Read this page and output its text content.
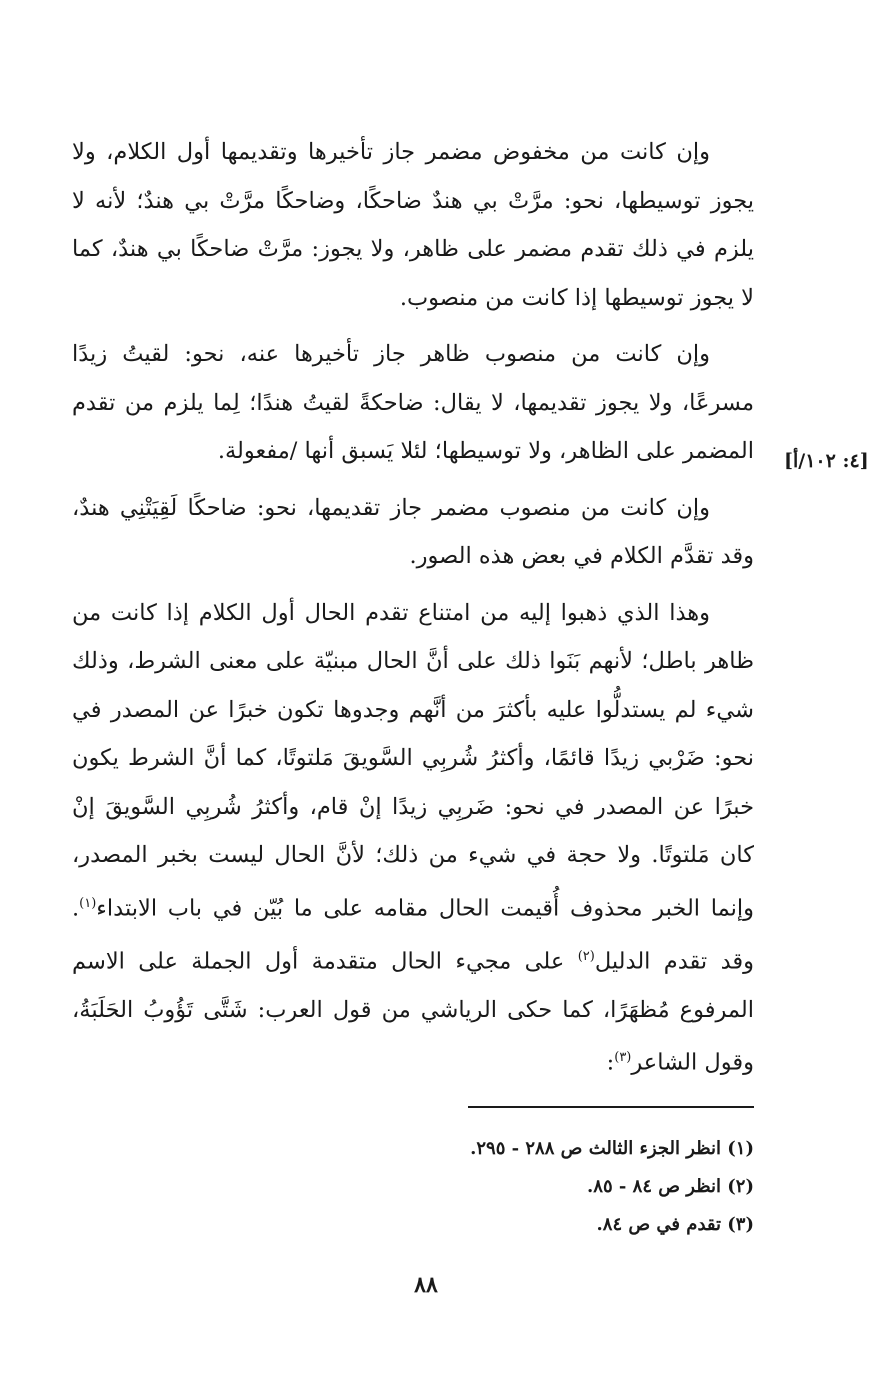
وإن كانت من مخفوض مضمر جاز تأخيرها وتقديمها أول الكلام، ولا يجوز توسيطها، نحو: مرَّتْ بي هندٌ ضاحكًا، وضاحكًا مرَّتْ بي هندٌ؛ لأنه لا يلزم في ذلك تقدم مضمر على ظاهر، ولا يجوز: مرَّتْ ضاحكًا بي هندٌ، كما لا يجوز توسيطها إذا كانت من منصوب.

وإن كانت من منصوب ظاهر جاز تأخيرها عنه، نحو: لقيتُ زيدًا مسرعًا، ولا يجوز تقديمها، لا يقال: ضاحكةً لقيتُ هندًا؛ لِما يلزم من تقدم المضمر على الظاهر، ولا توسيطها؛ لئلا يَسبق أنها /مفعولة.

وإن كانت من منصوب مضمر جاز تقديمها، نحو: ضاحكًا لَقِيَتْنِي هندٌ، وقد تقدَّم الكلام في بعض هذه الصور.

وهذا الذي ذهبوا إليه من امتناع تقدم الحال أول الكلام إذا كانت من ظاهر باطل؛ لأنهم بَنَوا ذلك على أنَّ الحال مبنيّة على معنى الشرط، وذلك شيء لم يستدلُّوا عليه بأكثرَ من أنَّهم وجدوها تكون خبرًا عن المصدر في نحو: ضَرْبي زيدًا قائمًا، وأكثرُ شُربِي السَّويقَ مَلتوتًا، كما أنَّ الشرط يكون خبرًا عن المصدر في نحو: ضَربِي زيدًا إنْ قام، وأكثرُ شُربِي السَّويقَ إنْ كان مَلتوتًا. ولا حجة في شيء من ذلك؛ لأنَّ الحال ليست بخبر المصدر، وإنما الخبر محذوف أُقيمت الحال مقامه على ما بُيّن في باب الابتداء$^{(١)}$. وقد تقدم الدليل$^{(٢)}$ على مجيء الحال متقدمة أول الجملة على الاسم المرفوع مُظهَرًا، كما حكى الرياشي من قول العرب: شَتَّى تَؤُوبُ الحَلَبَةُ، وقول الشاعر$^{(٣)}$:

[٤: ١٠٢/أ]
(١) انظر الجزء الثالث ص ٢٨٨ - ٢٩٥.
(٢) انظر ص ٨٤ - ٨٥.
(٣) تقدم في ص ٨٤.
٨٨
